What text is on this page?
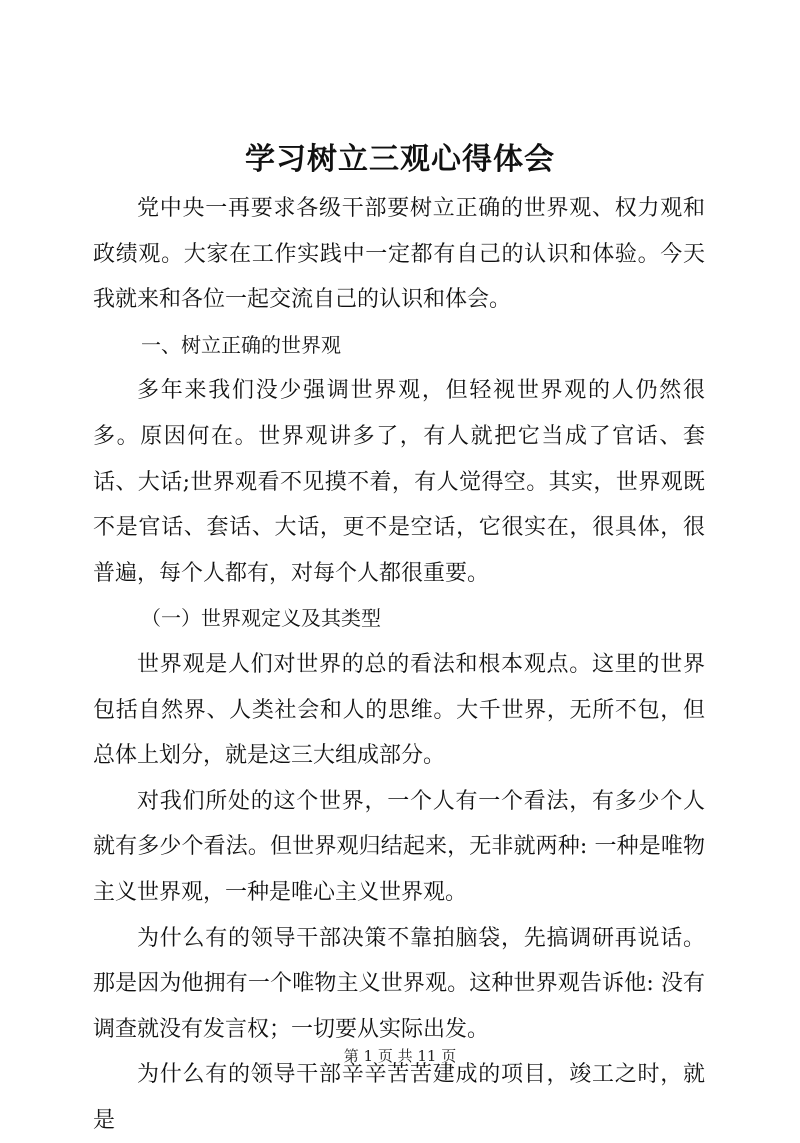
学习树立三观心得体会

党中央一再要求各级干部要树立正确的世界观、权力观和政绩观。大家在工作实践中一定都有自己的认识和体验。今天我就来和各位一起交流自己的认识和体会。

一、树立正确的世界观

多年来我们没少强调世界观，但轻视世界观的人仍然很多。原因何在。世界观讲多了，有人就把它当成了官话、套话、大话;世界观看不见摸不着，有人觉得空。其实，世界观既不是官话、套话、大话，更不是空话，它很实在，很具体，很普遍，每个人都有，对每个人都很重要。

（一）世界观定义及其类型

世界观是人们对世界的总的看法和根本观点。这里的世界包括自然界、人类社会和人的思维。大千世界，无所不包，但总体上划分，就是这三大组成部分。

对我们所处的这个世界，一个人有一个看法，有多少个人就有多少个看法。但世界观归结起来，无非就两种: 一种是唯物主义世界观，一种是唯心主义世界观。

为什么有的领导干部决策不靠拍脑袋，先搞调研再说话。那是因为他拥有一个唯物主义世界观。这种世界观告诉他: 没有调查就没有发言权；一切要从实际出发。

为什么有的领导干部辛辛苦苦建成的项目，竣工之时，就是

第 1 页 共 11 页
